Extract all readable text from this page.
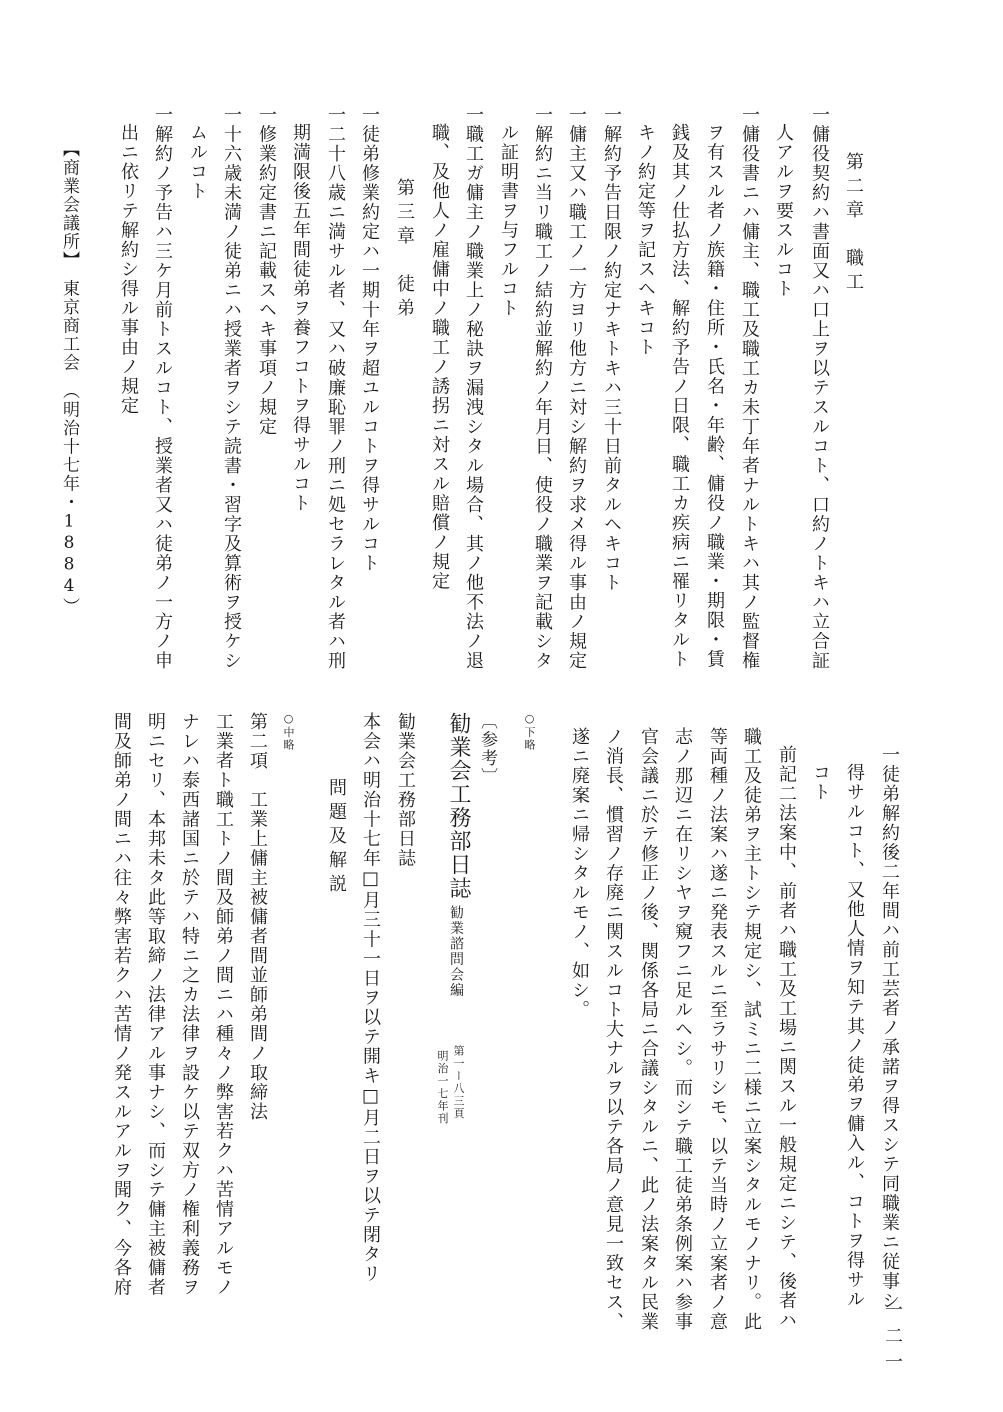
第二章　職工
一傭役契約ハ書面又ハ口上ヲ以テスルコト、口約ノトキハ立合証
人アルヲ要スルコト
一傭役書ニハ傭主、職工及職工カ未丁年者ナルトキハ其ノ監督権
ヲ有スル者ノ族籍・住所・氏名・年齢、傭役ノ職業・期限・賃
銭及其ノ仕払方法、解約予告ノ日限、職工カ疾病ニ罹リタルト
キノ約定等ヲ記スヘキコト
一解約予告日限ノ約定ナキトキハ三十日前タルヘキコト
一傭主又ハ職工ノ一方ヨリ他方ニ対シ解約ヲ求メ得ル事由ノ規定
一解約ニ当リ職工ノ結約並解約ノ年月日、使役ノ職業ヲ記載シタ
ル証明書ヲ与フルコト
一職工ガ傭主ノ職業上ノ秘訣ヲ漏洩シタル場合、其ノ他不法ノ退
職、及他人ノ雇傭中ノ職工ノ誘拐ニ対スル賠償ノ規定
第三章　徒弟
一徒弟修業約定ハ一期十年ヲ超ユルコトヲ得サルコト
一二十八歳ニ満サル者、又ハ破廉恥罪ノ刑ニ処セラレタル者ハ刑
期満限後五年間徒弟ヲ養フコトヲ得サルコト
一修業約定書ニ記載スヘキ事項ノ規定
一十六歳未満ノ徒弟ニハ授業者ヲシテ読書・習字及算術ヲ授ケシ
ムルコト
一解約ノ予告ハ三ケ月前トスルコト、授業者又ハ徒弟ノ一方ノ申
出ニ依リテ解約シ得ル事由ノ規定
【商業会議所】　東京商工会　（明治十七年・1884）
一徒弟解約後二年間ハ前工芸者ノ承諾ヲ得スシテ同職業ニ従事シ
得サルコト、又他人情ヲ知テ其ノ徒弟ヲ傭入ル、コトヲ得サル
コト
前記二法案中、前者ハ職工及工場ニ関スル一般規定ニシテ、後者ハ
職工及徒弟ヲ主トシテ規定シ、試ミニ二様ニ立案シタルモノナリ。此
等両種ノ法案ハ遂ニ発表スルニ至ラサリシモ、以テ当時ノ立案者ノ意
志ノ那辺ニ在リシヤヲ窺フニ足ルヘシ。而シテ職工徒弟条例案ハ参事
官会議ニ於テ修正ノ後、関係各局ニ合議シタルニ、此ノ法案タル民業
ノ消長、慣習ノ存廃ニ関スルコト大ナルヲ以テ各局ノ意見一致セス、
遂ニ廃案ニ帰シタルモノ、如シ。
○下略
〔参考〕
勧業会工務部日誌
勧業諮問会編
第一ー八三頁
明治一七年刊
勧業会工務部日誌
本会ハ明治十七年□月三十一日ヲ以テ開キ□月二日ヲ以テ閉タリ
問題及解説
○中略
第二項　工業上傭主被傭者間並師弟間ノ取締法
工業者ト職工トノ間及師弟ノ間ニハ種々ノ弊害若クハ苦情アルモノ
ナレハ泰西諸国ニ於テハ特ニ之カ法律ヲ設ケ以テ双方ノ権利義務ヲ
明ニセリ、本邦未タ此等取締ノ法律アル事ナシ、而シテ傭主被傭者
間及師弟ノ間ニハ往々弊害若クハ苦情ノ発スルアルヲ聞ク、今各府
一二一
